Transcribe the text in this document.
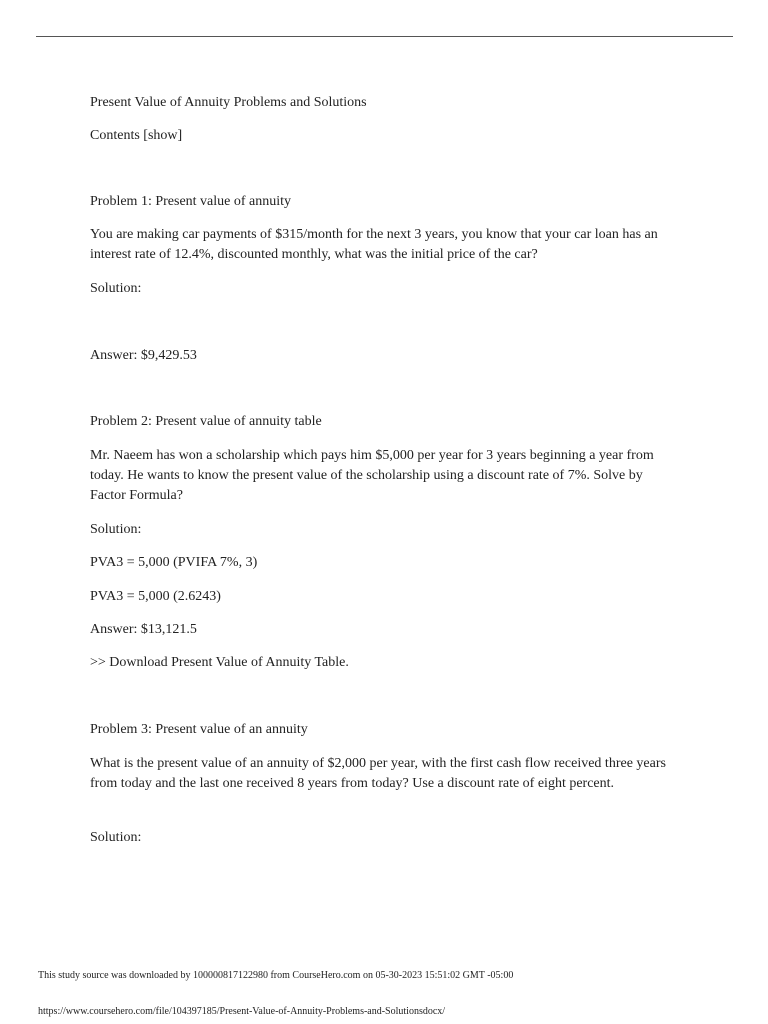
Present Value of Annuity Problems and Solutions

Contents [show]

Problem 1: Present value of annuity

You are making car payments of $315/month for the next 3 years, you know that your car loan has an interest rate of 12.4%, discounted monthly, what was the initial price of the car?

Solution:

Answer: $9,429.53

Problem 2: Present value of annuity table

Mr. Naeem has won a scholarship which pays him $5,000 per year for 3 years beginning a year from today. He wants to know the present value of the scholarship using a discount rate of 7%. Solve by Factor Formula?

Solution:

PVA3 = 5,000 (PVIFA 7%, 3)

PVA3 = 5,000 (2.6243)

Answer: $13,121.5

>> Download Present Value of Annuity Table.

Problem 3: Present value of an annuity

What is the present value of an annuity of $2,000 per year, with the first cash flow received three years from today and the last one received 8 years from today? Use a discount rate of eight percent.

Solution:

This study source was downloaded by 100000817122980 from CourseHero.com on 05-30-2023 15:51:02 GMT -05:00

https://www.coursehero.com/file/104397185/Present-Value-of-Annuity-Problems-and-Solutionsdocx/
